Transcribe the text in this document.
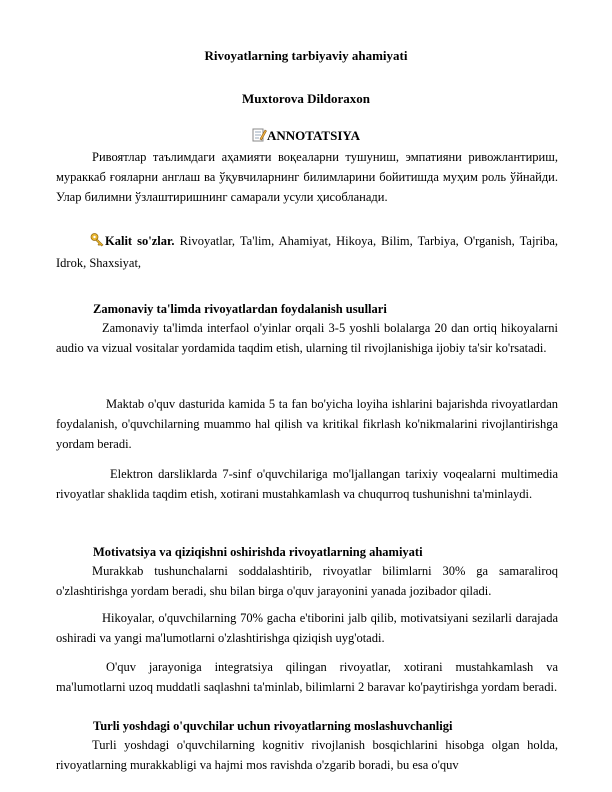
Rivoyatlarning tarbiyaviy ahamiyati
Muxtorova Dildoraxon
ANNOTATSIYA
Ривоятлар таълимдаги аҳамияти воқеаларни тушуниш, эмпатияни ривожлантириш, мураккаб ғояларни англаш ва ўқувчиларнинг билимларини бойитишда муҳим роль ўйнайди. Улар билимни ўзлаштиришнинг самарали усули ҳисобланади.
Kalit so'zlar. Rivoyatlar, Ta'lim, Ahamiyat, Hikoya, Bilim, Tarbiya, O'rganish, Tajriba, Idrok, Shaxsiyat,
Zamonaviy ta'limda rivoyatlardan foydalanish usullari
Zamonaviy ta'limda interfaol o'yinlar orqali 3-5 yoshli bolalarga 20 dan ortiq hikoyalarni audio va vizual vositalar yordamida taqdim etish, ularning til rivojlanishiga ijobiy ta'sir ko'rsatadi.
Maktab o'quv dasturida kamida 5 ta fan bo'yicha loyiha ishlarini bajarishda rivoyatlardan foydalanish, o'quvchilarning muammo hal qilish va kritikal fikrlash ko'nikmalarini rivojlantirishga yordam beradi.
Elektron darsliklarda 7-sinf o'quvchilariga mo'ljallangan tarixiy voqealarni multimedia rivoyatlar shaklida taqdim etish, xotirani mustahkamlash va chuqurroq tushunishni ta'minlaydi.
Motivatsiya va qiziqishni oshirishda rivoyatlarning ahamiyati
Murakkab tushunchalarni soddalashtirib, rivoyatlar bilimlarni 30% ga samaraliroq o'zlashtirishga yordam beradi, shu bilan birga o'quv jarayonini yanada jozibador qiladi.
Hikoyalar, o'quvchilarning 70% gacha e'tiborini jalb qilib, motivatsiyani sezilarli darajada oshiradi va yangi ma'lumotlarni o'zlashtirishga qiziqish uyg'otadi.
O'quv jarayoniga integratsiya qilingan rivoyatlar, xotirani mustahkamlash va ma'lumotlarni uzoq muddatli saqlashni ta'minlab, bilimlarni 2 baravar ko'paytirishga yordam beradi.
Turli yoshdagi o'quvchilar uchun rivoyatlarning moslashuvchanligi
Turli yoshdagi o'quvchilarning kognitiv rivojlanish bosqichlarini hisobga olgan holda, rivoyatlarning murakkabligi va hajmi mos ravishda o'zgarib boradi, bu esa o'quv
